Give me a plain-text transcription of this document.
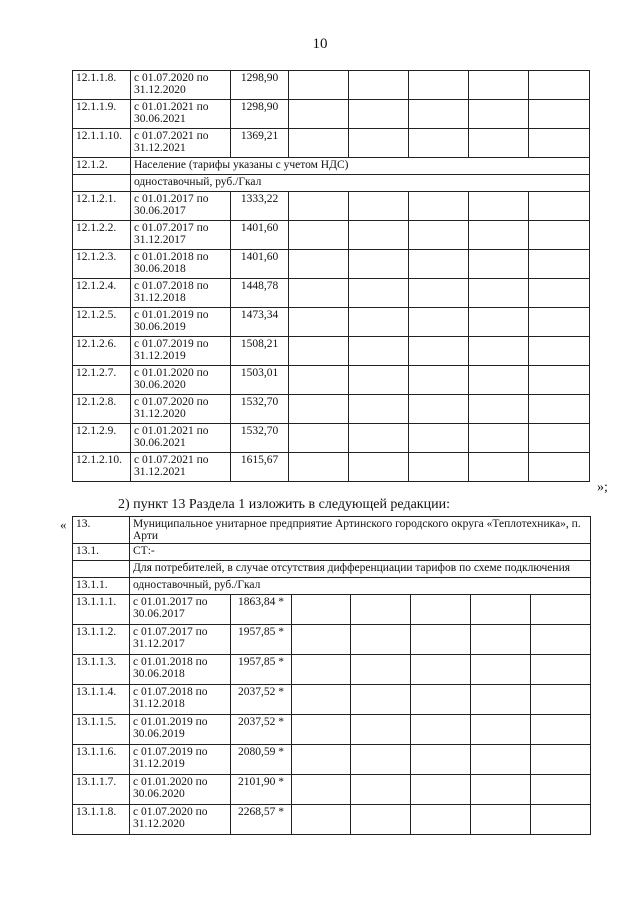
10
12.1.1.8.	с 01.07.2020 по 31.12.2020	1298,90					
12.1.1.9.	с 01.01.2021 по 30.06.2021	1298,90					
12.1.1.10.	с 01.07.2021 по 31.12.2021	1369,21					
12.1.2.	Население (тарифы указаны с учетом НДС)						
	одноставочный, руб./Гкал						
12.1.2.1.	с 01.01.2017 по 30.06.2017	1333,22					
12.1.2.2.	с 01.07.2017 по 31.12.2017	1401,60					
12.1.2.3.	с 01.01.2018 по 30.06.2018	1401,60					
12.1.2.4.	с 01.07.2018 по 31.12.2018	1448,78					
12.1.2.5.	с 01.01.2019 по 30.06.2019	1473,34					
12.1.2.6.	с 01.07.2019 по 31.12.2019	1508,21					
12.1.2.7.	с 01.01.2020 по 30.06.2020	1503,01					
12.1.2.8.	с 01.07.2020 по 31.12.2020	1532,70					
12.1.2.9.	с 01.01.2021 по 30.06.2021	1532,70					
12.1.2.10.	с 01.07.2021 по 31.12.2021	1615,67					
»;
2) пункт 13 Раздела 1 изложить в следующей редакции:
« 13.	Муниципальное унитарное предприятие Артинского городского округа «Теплотехника», п. Арти						
13.1.	СТ:-						
	Для потребителей, в случае отсутствия дифференциации тарифов по схеме подключения						
13.1.1.	одноставочный, руб./Гкал						
13.1.1.1.	с 01.01.2017 по 30.06.2017	1863,84 *					
13.1.1.2.	с 01.07.2017 по 31.12.2017	1957,85 *					
13.1.1.3.	с 01.01.2018 по 30.06.2018	1957,85 *					
13.1.1.4.	с 01.07.2018 по 31.12.2018	2037,52 *					
13.1.1.5.	с 01.01.2019 по 30.06.2019	2037,52 *					
13.1.1.6.	с 01.07.2019 по 31.12.2019	2080,59 *					
13.1.1.7.	с 01.01.2020 по 30.06.2020	2101,90 *					
13.1.1.8.	с 01.07.2020 по 31.12.2020	2268,57 *					
